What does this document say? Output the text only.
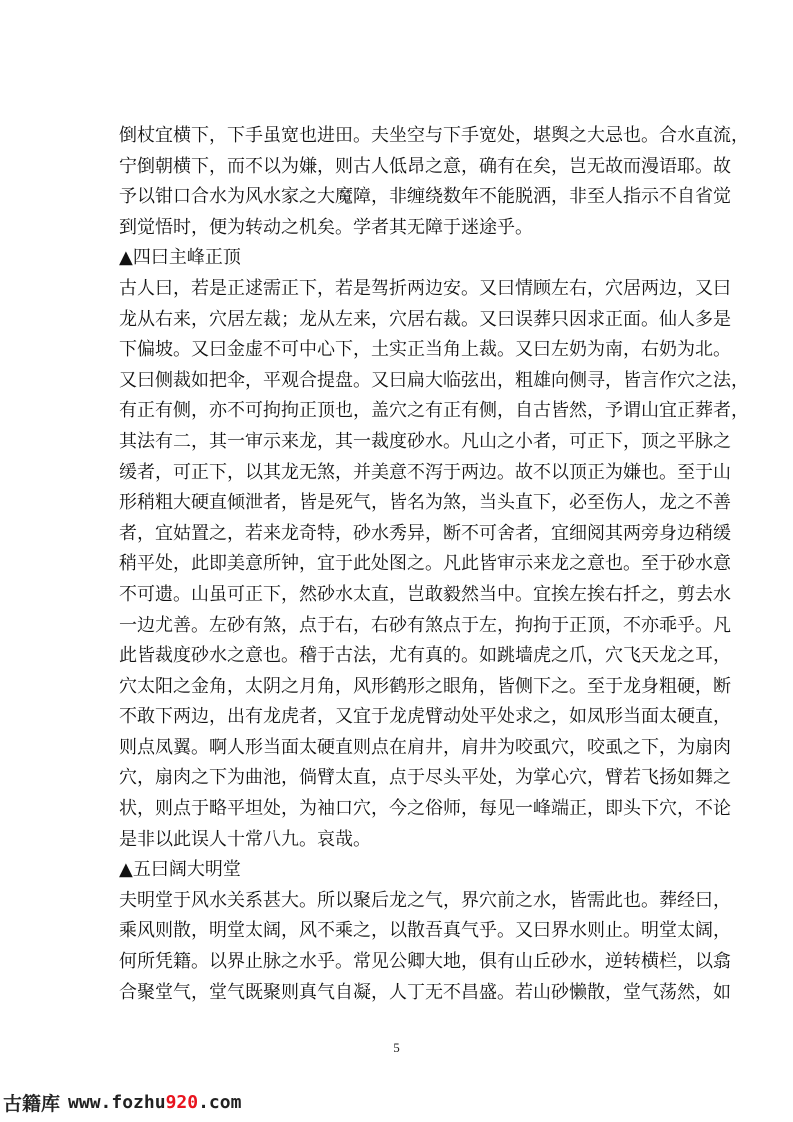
倒杖宜横下，下手虽宽也进田。夫坐空与下手宽处，堪舆之大忌也。合水直流，
宁倒朝横下，而不以为嫌，则古人低昂之意，确有在矣，岂无故而漫语耶。故
予以钳口合水为风水家之大魔障，非缠绕数年不能脱洒，非至人指示不自省觉
到觉悟时，便为转动之机矣。学者其无障于迷途乎。
▲四曰主峰正顶
古人曰，若是正逑需正下，若是驾折两边安。又曰情顾左右，穴居两边，又曰
龙从右来，穴居左裁；龙从左来，穴居右裁。又曰误葬只因求正面。仙人多是
下偏坡。又曰金虚不可中心下，土实正当角上裁。又曰左奶为南，右奶为北。
又曰侧裁如把伞，平观合提盘。又曰扁大临弦出，粗雄向侧寻，皆言作穴之法，
有正有侧，亦不可拘拘正顶也，盖穴之有正有侧，自古皆然，予谓山宜正葬者，
其法有二，其一审示来龙，其一裁度砂水。凡山之小者，可正下，顶之平脉之
缓者，可正下，以其龙无煞，并美意不泻于两边。故不以顶正为嫌也。至于山
形稍粗大硬直倾泄者，皆是死气，皆名为煞，当头直下，必至伤人，龙之不善
者，宜姑置之，若来龙奇特，砂水秀异，断不可舍者，宜细阅其两旁身边稍缓
稍平处，此即美意所钟，宜于此处图之。凡此皆审示来龙之意也。至于砂水意
不可遗。山虽可正下，然砂水太直，岂敢毅然当中。宜挨左挨右扦之，剪去水
一边尤善。左砂有煞，点于右，右砂有煞点于左，拘拘于正顶，不亦乖乎。凡
此皆裁度砂水之意也。稽于古法，尤有真的。如跳墙虎之爪，穴飞天龙之耳，
穴太阳之金角，太阴之月角，风形鹤形之眼角，皆侧下之。至于龙身粗硬，断
不敢下两边，出有龙虎者，又宜于龙虎臂动处平处求之，如凤形当面太硬直，
则点凤翼。啊人形当面太硬直则点在肩井，肩井为咬虱穴，咬虱之下，为扇肉
穴，扇肉之下为曲池，倘臂太直，点于尽头平处，为掌心穴，臂若飞扬如舞之
状，则点于略平坦处，为袖口穴，今之俗师，每见一峰端正，即头下穴，不论
是非以此误人十常八九。哀哉。
▲五曰阔大明堂
夫明堂于风水关系甚大。所以聚后龙之气，界穴前之水，皆需此也。葬经曰，
乘风则散，明堂太阔，风不乘之，以散吾真气乎。又曰界水则止。明堂太阔，
何所凭籍。以界止脉之水乎。常见公卿大地，俱有山丘砂水，逆转横栏，以翕
合聚堂气，堂气既聚则真气自凝，人丁无不昌盛。若山砂懒散，堂气荡然，如
5
古籍库 www.fozhu920.com
